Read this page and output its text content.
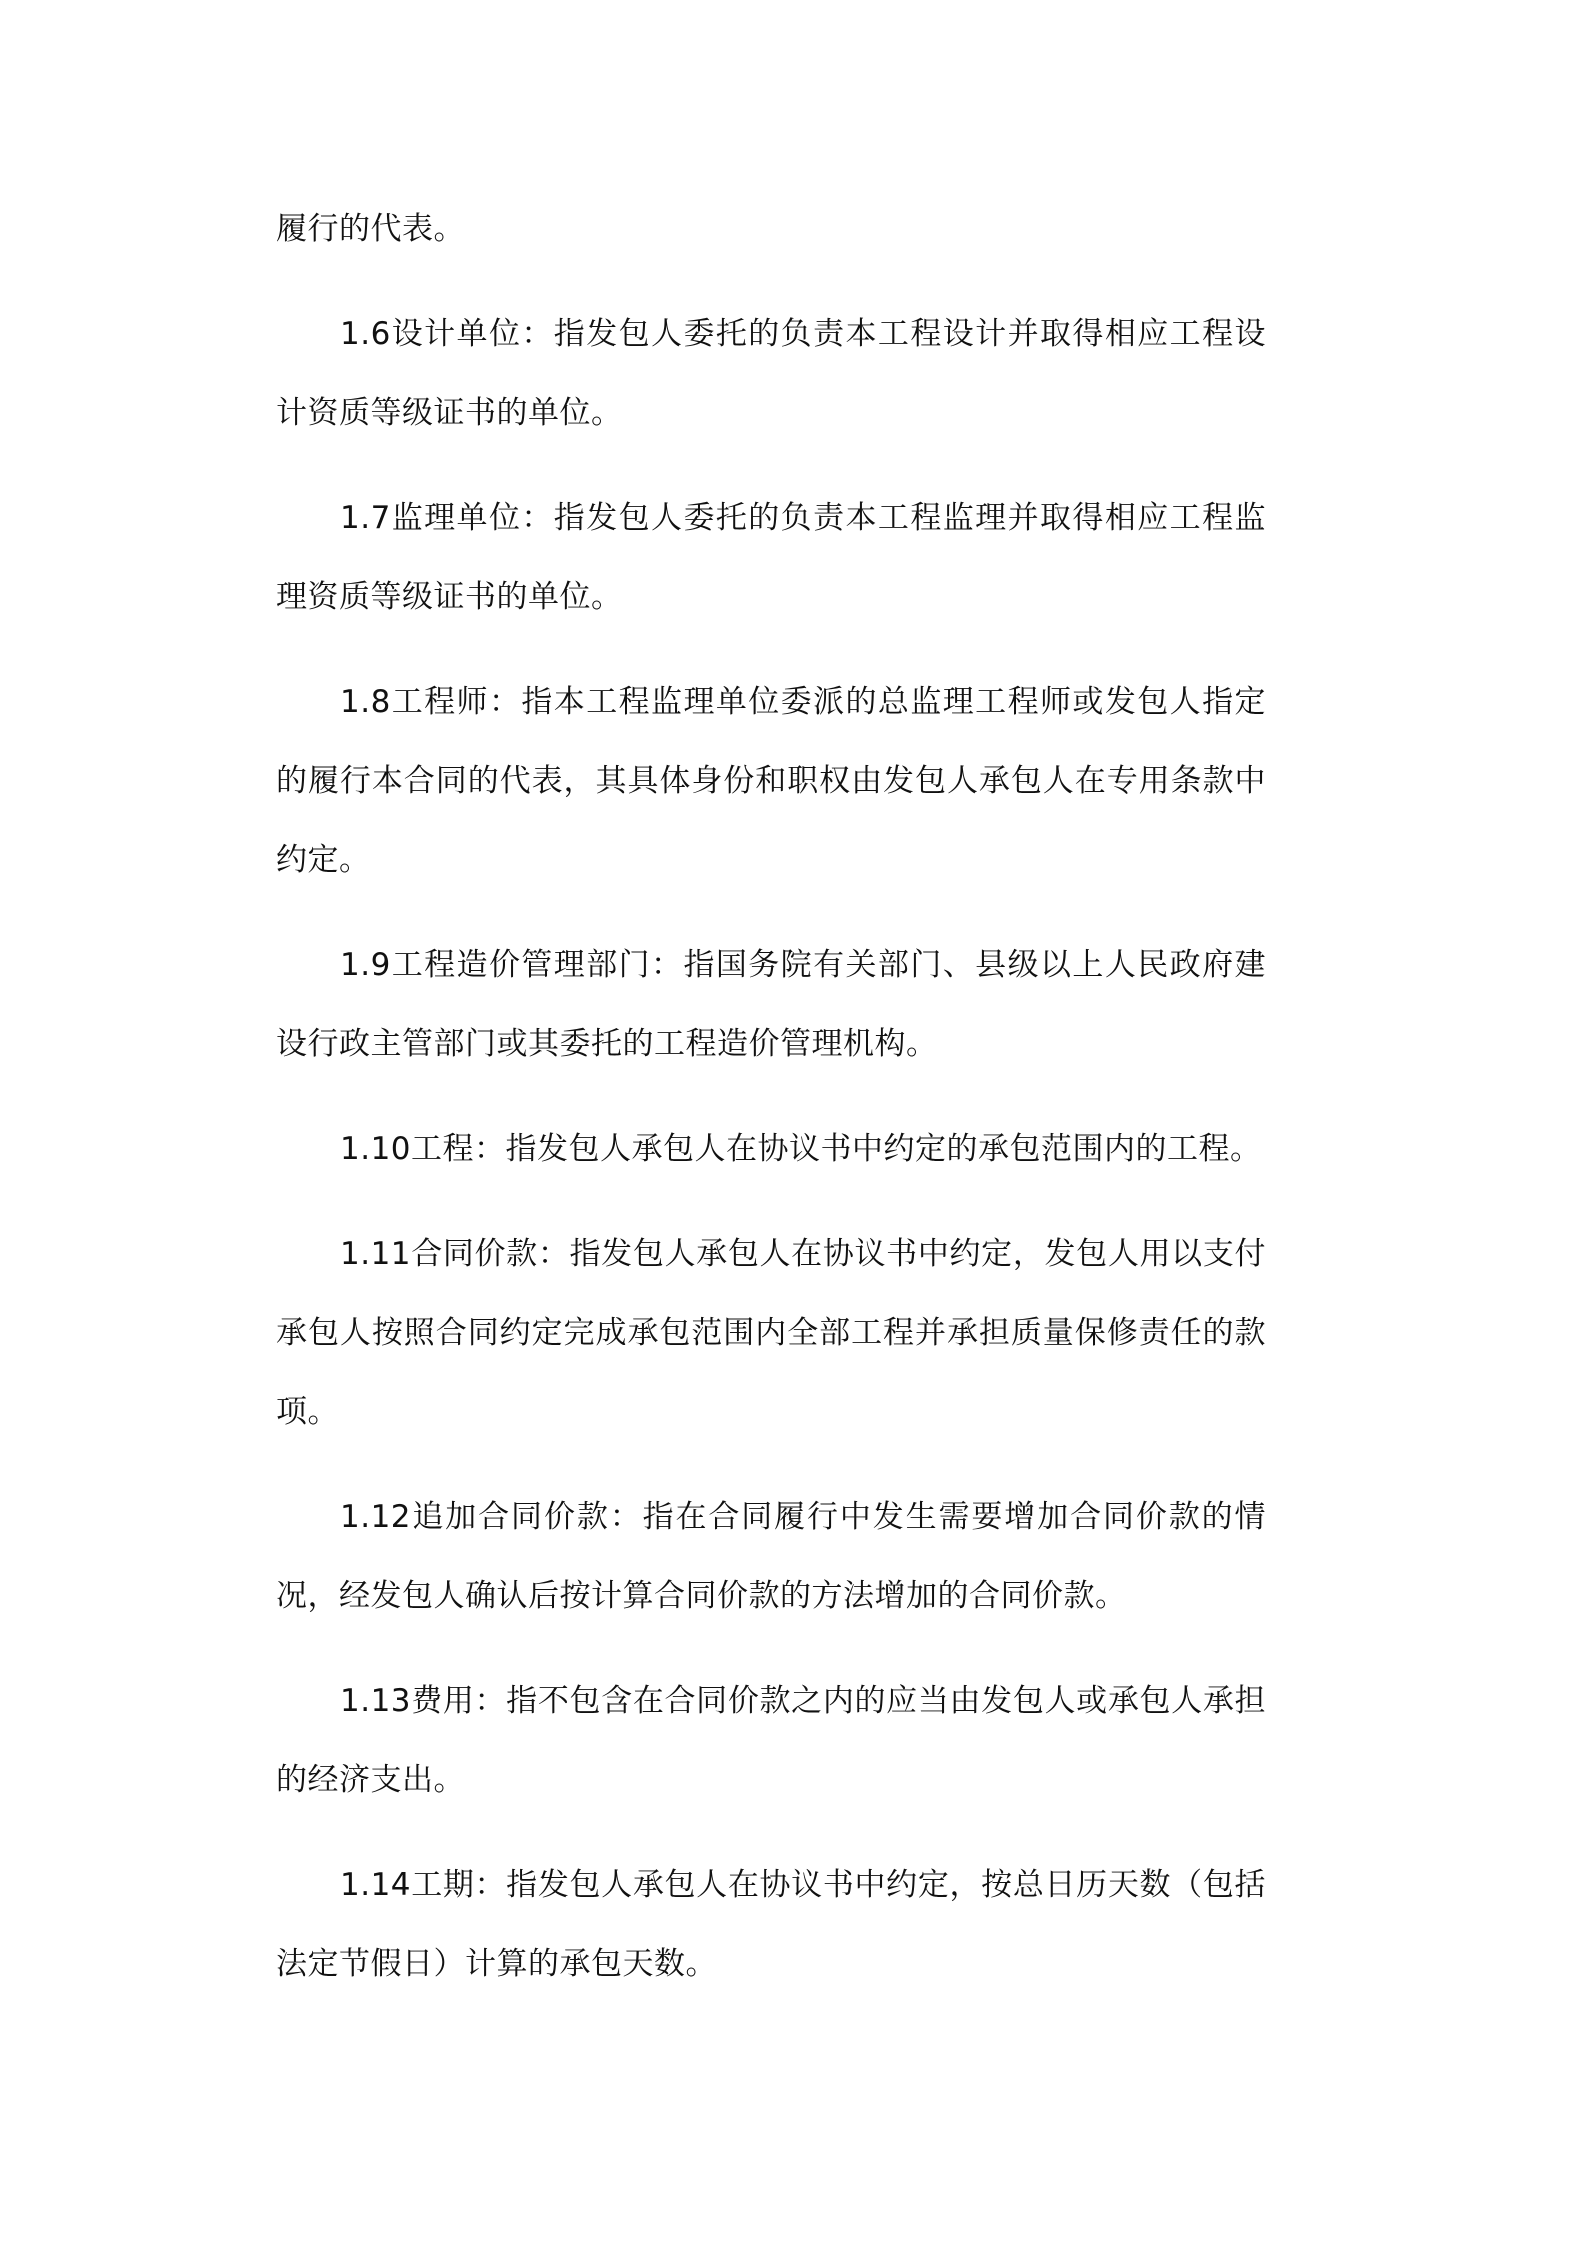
履行的代表。

1.6设计单位：指发包人委托的负责本工程设计并取得相应工程设计资质等级证书的单位。

1.7监理单位：指发包人委托的负责本工程监理并取得相应工程监理资质等级证书的单位。

1.8工程师：指本工程监理单位委派的总监理工程师或发包人指定的履行本合同的代表，其具体身份和职权由发包人承包人在专用条款中约定。

1.9工程造价管理部门：指国务院有关部门、县级以上人民政府建设行政主管部门或其委托的工程造价管理机构。

1.10工程：指发包人承包人在协议书中约定的承包范围内的工程。

1.11合同价款：指发包人承包人在协议书中约定，发包人用以支付承包人按照合同约定完成承包范围内全部工程并承担质量保修责任的款项。

1.12追加合同价款：指在合同履行中发生需要增加合同价款的情况，经发包人确认后按计算合同价款的方法增加的合同价款。

1.13费用：指不包含在合同价款之内的应当由发包人或承包人承担的经济支出。

1.14工期：指发包人承包人在协议书中约定，按总日历天数（包括法定节假日）计算的承包天数。
